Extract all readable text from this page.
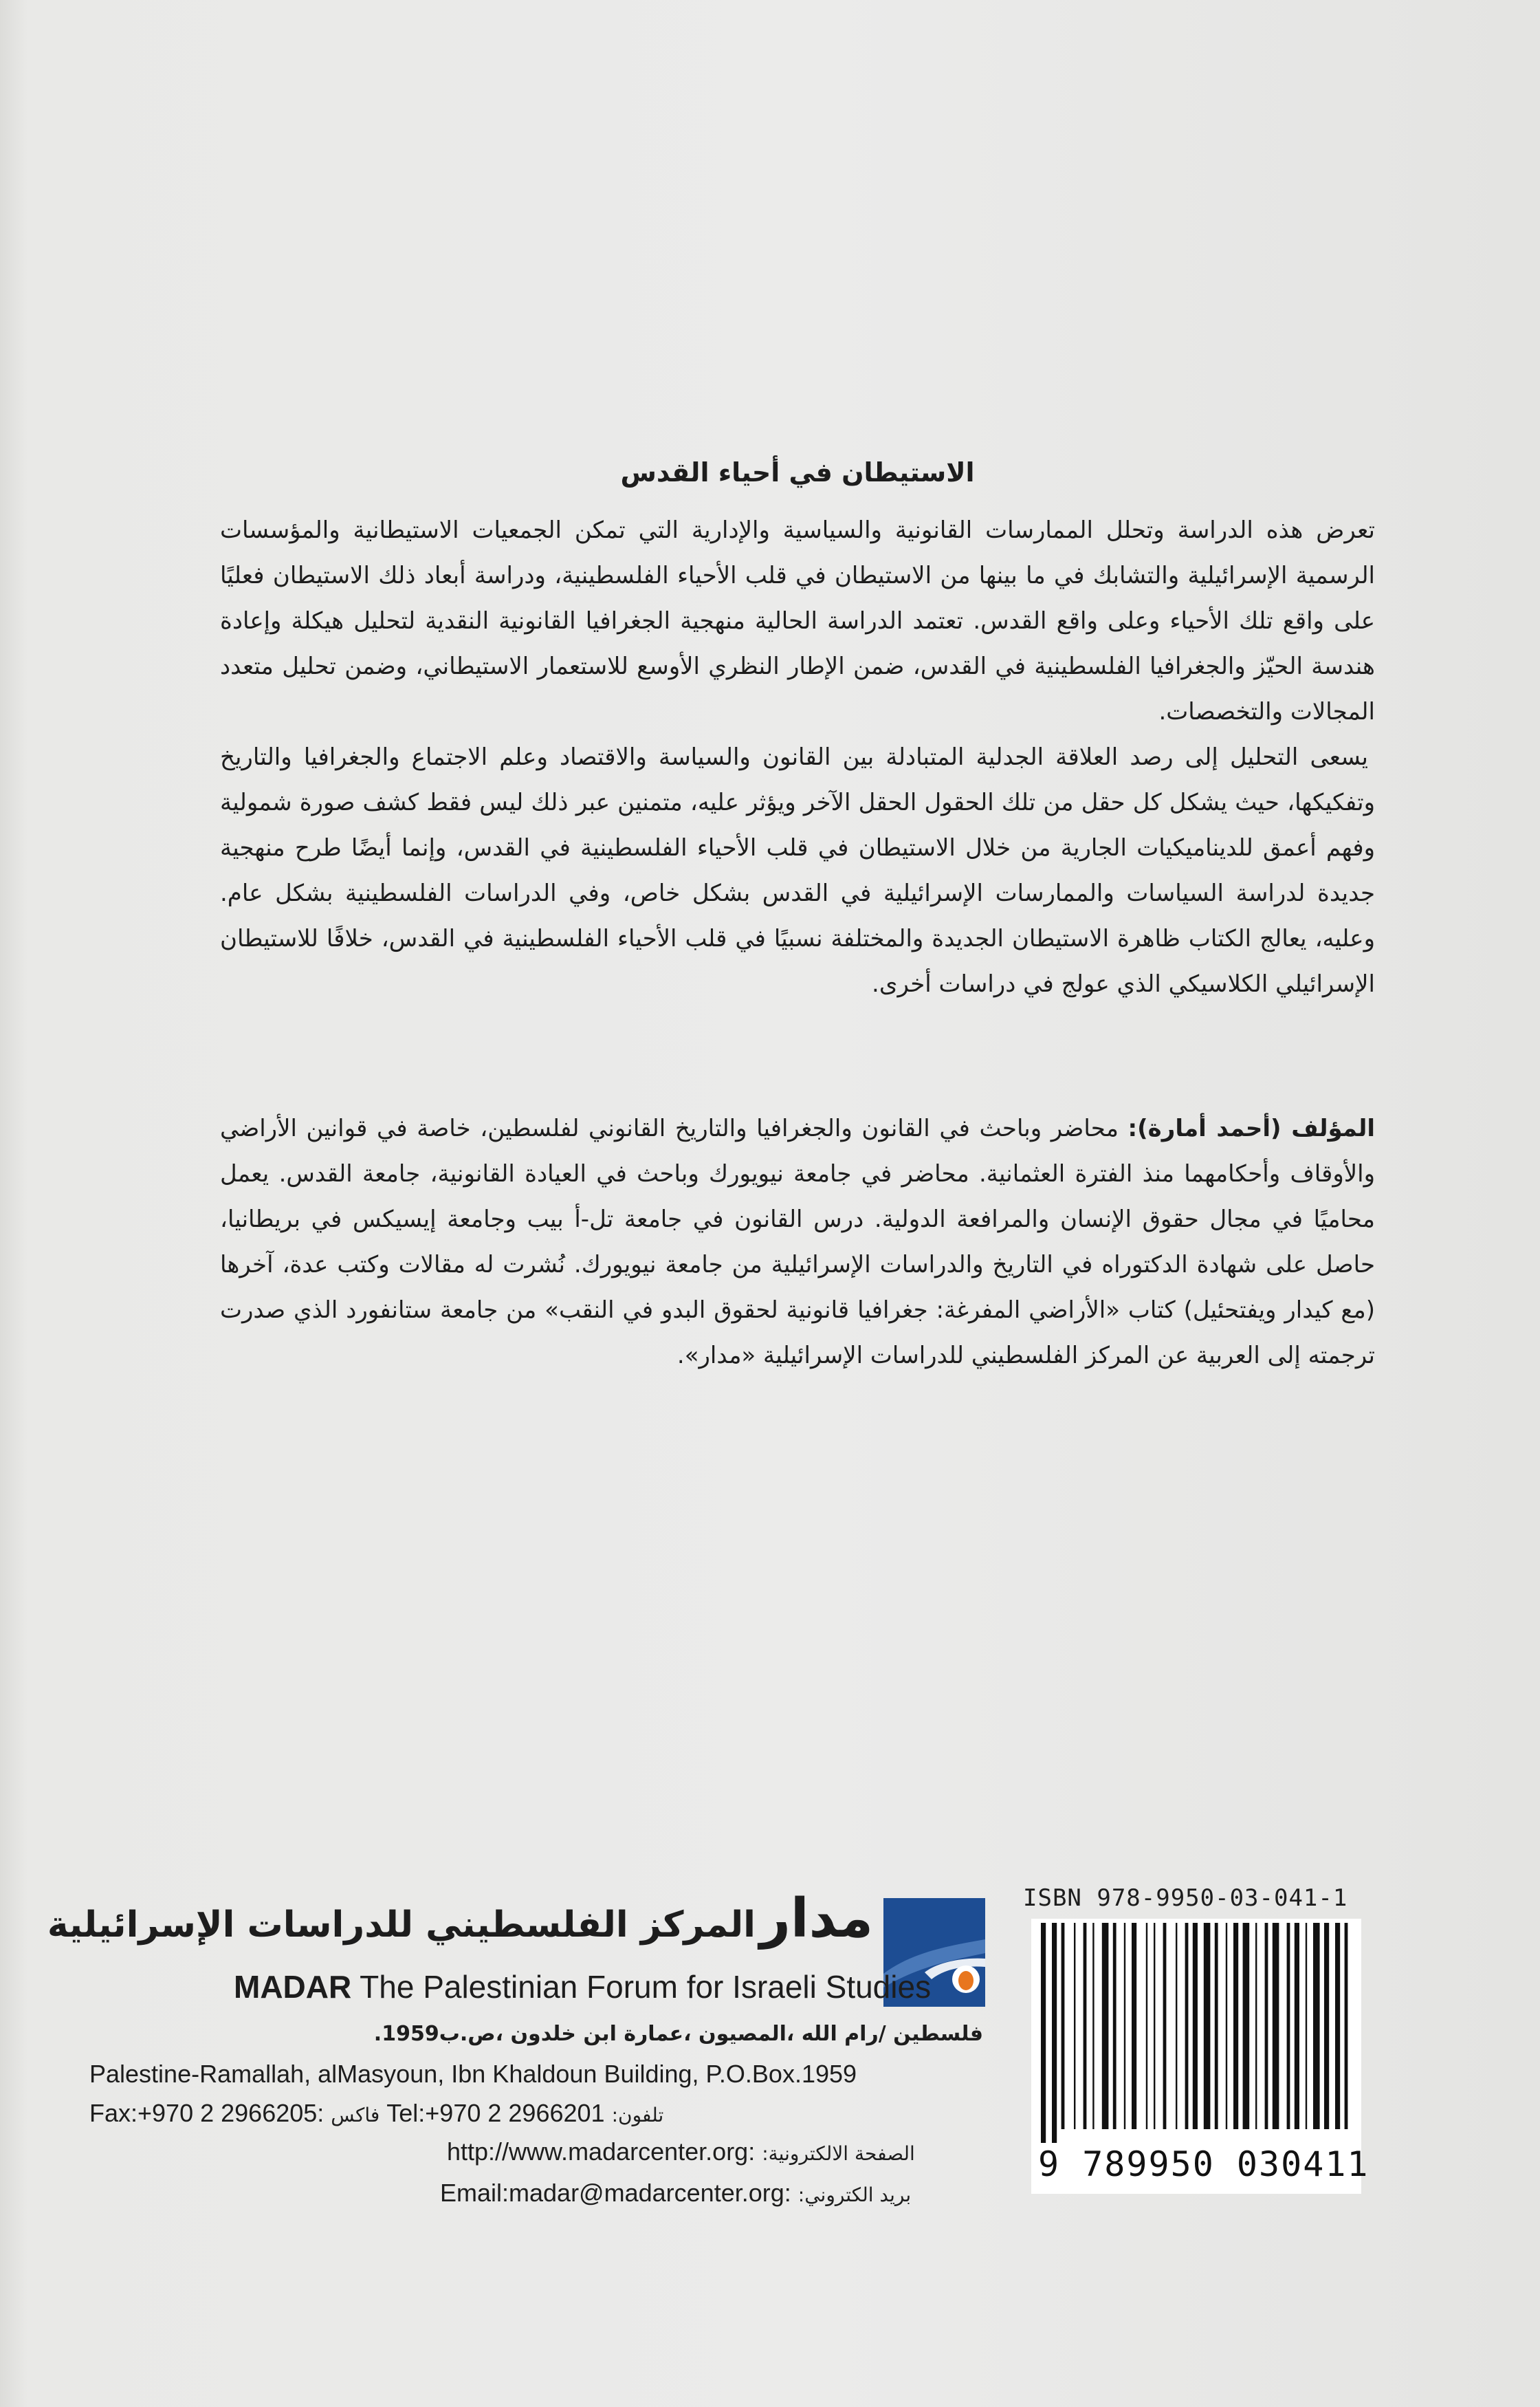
الاستيطان في أحياء القدس

تعرض هذه الدراسة وتحلل الممارسات القانونية والسياسية والإدارية التي تمكن الجمعيات الاستيطانية والمؤسسات الرسمية الإسرائيلية والتشابك في ما بينها من الاستيطان في قلب الأحياء الفلسطينية، ودراسة أبعاد ذلك الاستيطان فعليًا على واقع تلك الأحياء وعلى واقع القدس. تعتمد الدراسة الحالية منهجية الجغرافيا القانونية النقدية لتحليل هيكلة وإعادة هندسة الحيّز والجغرافيا الفلسطينية في القدس، ضمن الإطار النظري الأوسع للاستعمار الاستيطاني، وضمن تحليل متعدد المجالات والتخصصات.

يسعى التحليل إلى رصد العلاقة الجدلية المتبادلة بين القانون والسياسة والاقتصاد وعلم الاجتماع والجغرافيا والتاريخ وتفكيكها، حيث يشكل كل حقل من تلك الحقول الحقل الآخر ويؤثر عليه، متمنين عبر ذلك ليس فقط كشف صورة شمولية وفهم أعمق للديناميكيات الجارية من خلال الاستيطان في قلب الأحياء الفلسطينية في القدس، وإنما أيضًا طرح منهجية جديدة لدراسة السياسات والممارسات الإسرائيلية في القدس بشكل خاص، وفي الدراسات الفلسطينية بشكل عام. وعليه، يعالج الكتاب ظاهرة الاستيطان الجديدة والمختلفة نسبيًا في قلب الأحياء الفلسطينية في القدس، خلافًا للاستيطان الإسرائيلي الكلاسيكي الذي عولج في دراسات أخرى.

المؤلف (أحمد أمارة): محاضر وباحث في القانون والجغرافيا والتاريخ القانوني لفلسطين، خاصة في قوانين الأراضي والأوقاف وأحكامهما منذ الفترة العثمانية. محاضر في جامعة نيويورك وباحث في العيادة القانونية، جامعة القدس. يعمل محاميًا في مجال حقوق الإنسان والمرافعة الدولية. درس القانون في جامعة تل-أ بيب وجامعة إيسيكس في بريطانيا، حاصل على شهادة الدكتوراه في التاريخ والدراسات الإسرائيلية من جامعة نيويورك. نُشرت له مقالات وكتب عدة، آخرها (مع كيدار ويفتحئيل) كتاب «الأراضي المفرغة: جغرافيا قانونية لحقوق البدو في النقب» من جامعة ستانفورد الذي صدرت ترجمته إلى العربية عن المركز الفلسطيني للدراسات الإسرائيلية «مدار».
مدارالمركز الفلسطيني للدراسات الإسرائيلية
MADAR The Palestinian Forum for Israeli Studies
فلسطين /رام الله ،المصيون ،عمارة ابن خلدون ،ص.ب1959.
Palestine-Ramallah, alMasyoun, Ibn Khaldoun Building, P.O.Box.1959
Fax:+970 2 2966205: فاكس Tel:+970 2 2966201 تلفون:
http://www.madarcenter.org: الصفحة الالكترونية:
Email:madar@madarcenter.org: بريد الكتروني:
ISBN 978-9950-03-041-1
9 789950 030411
